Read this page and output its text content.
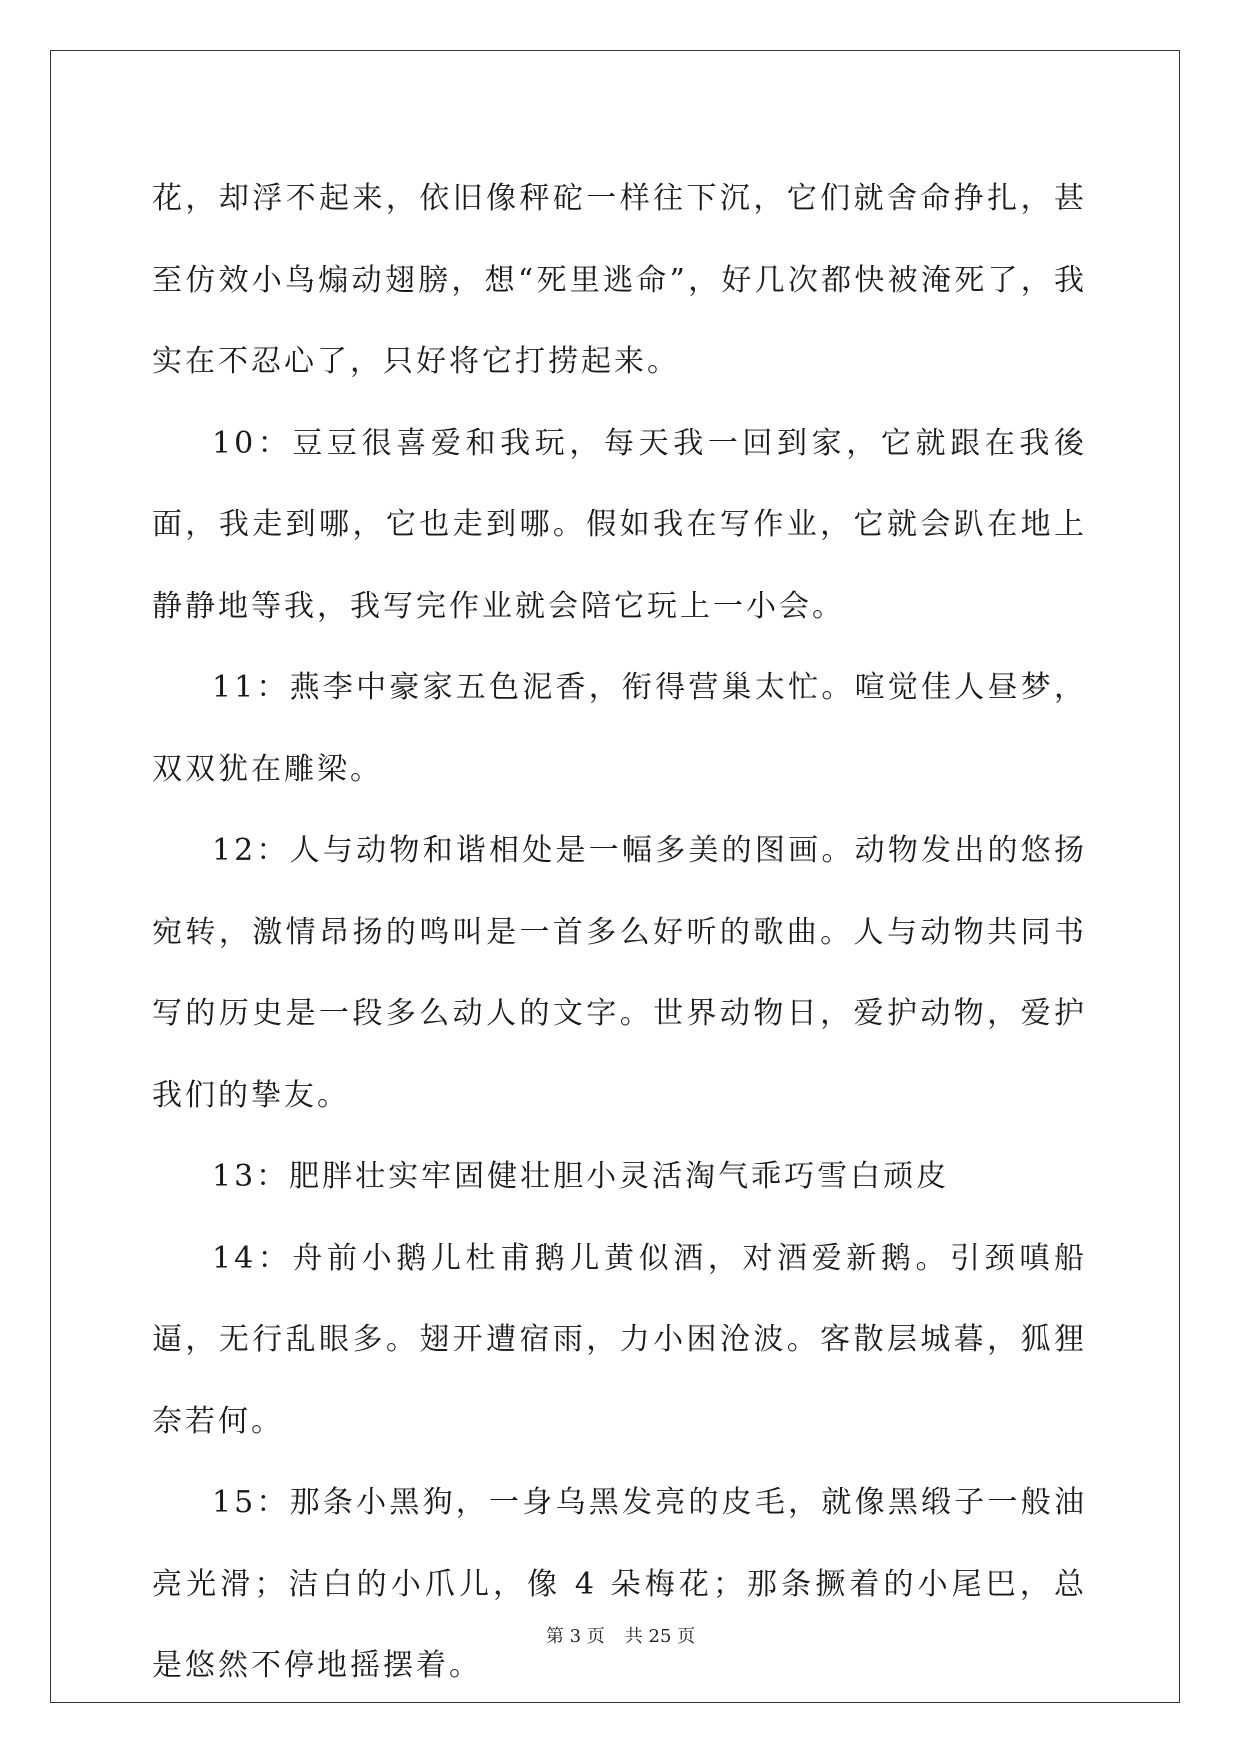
花，却浮不起来，依旧像秤砣一样往下沉，它们就舍命挣扎，甚至仿效小鸟煽动翅膀，想“死里逃命”，好几次都快被淹死了，我实在不忍心了，只好将它打捞起来。

10：豆豆很喜爱和我玩，每天我一回到家，它就跟在我後面，我走到哪，它也走到哪。假如我在写作业，它就会趴在地上静静地等我，我写完作业就会陪它玩上一小会。

11：燕李中豪家五色泥香，衔得营巢太忙。喧觉佳人昼梦，双双犹在雕梁。

12：人与动物和谐相处是一幅多美的图画。动物发出的悠扬宛转，激情昂扬的鸣叫是一首多么好听的歌曲。人与动物共同书写的历史是一段多么动人的文字。世界动物日，爱护动物，爱护我们的挚友。

13：肥胖壮实牢固健壮胆小灵活淘气乖巧雪白顽皮

14：舟前小鹅儿杜甫鹅儿黄似酒，对酒爱新鹅。引颈嗔船逼，无行乱眼多。翅开遭宿雨，力小困沧波。客散层城暮，狐狸奈若何。

15：那条小黑狗，一身乌黑发亮的皮毛，就像黑缎子一般油亮光滑；洁白的小爪儿，像 4 朵梅花；那条撅着的小尾巴，总是悠然不停地摇摆着。

第 3 页 共 25 页
